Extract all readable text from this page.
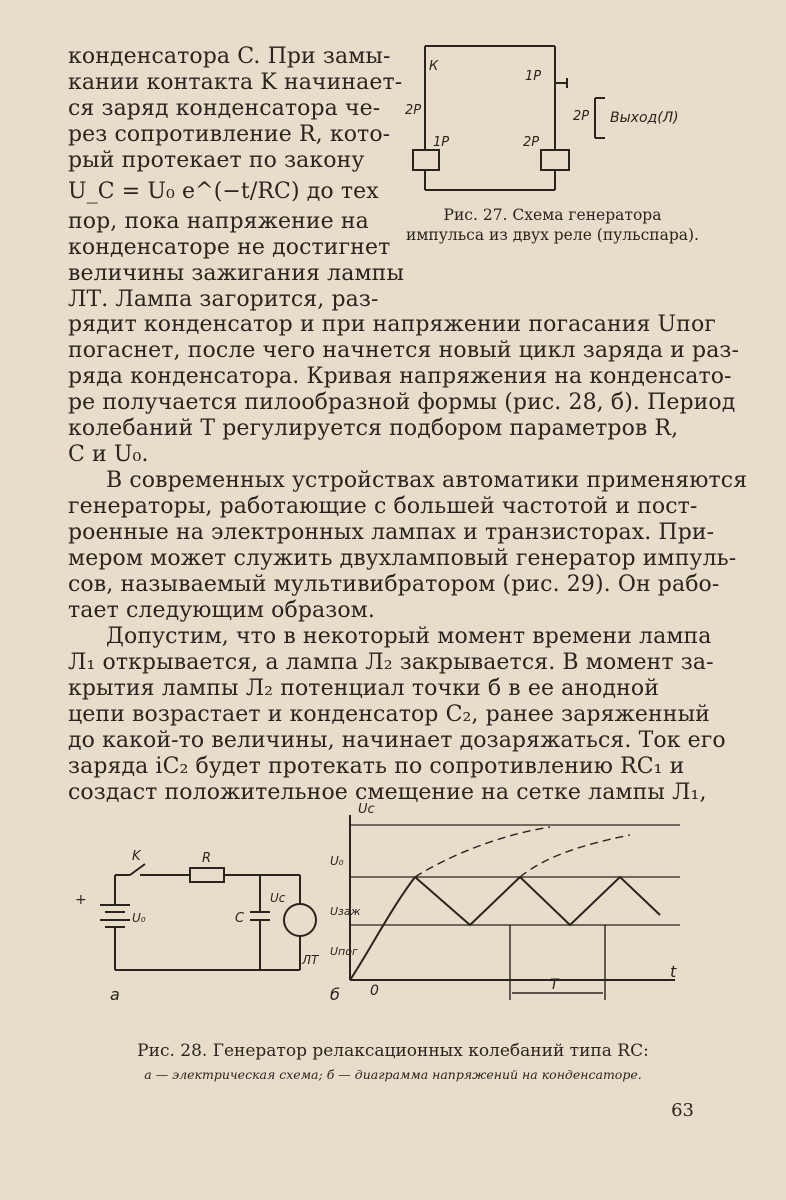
конденсатора C. При замы-
кании контакта K начинает-
ся заряд конденсатора че-
рез сопротивление R, кото-
рый протекает по закону
U_C = U₀ e^(−t/RC) до тех
пор, пока напряжение на
конденсаторе не достигнет
величины зажигания лампы
ЛТ. Лампа загорится, раз-
рядит конденсатор и при напряжении погасания Uпог
погаснет, после чего начнется новый цикл заряда и раз-
ряда конденсатора. Кривая напряжения на конденсато-
ре получается пилообразной формы (рис. 28, б). Период
колебаний T регулируется подбором параметров R,
C и U₀.
В современных устройствах автоматики применяются
генераторы, работающие с большей частотой и пост-
роенные на электронных лампах и транзисторах. При-
мером может служить двухламповый генератор импуль-
сов, называемый мультивибратором (рис. 29). Он рабо-
тает следующим образом.
Допустим, что в некоторый момент времени лампа
Л₁ открывается, а лампа Л₂ закрывается. В момент за-
крытия лампы Л₂ потенциал точки б в ее анодной
цепи возрастает и конденсатор C₂, ранее заряженный
до какой-то величины, начинает дозаряжаться. Ток его
заряда iC₂ будет протекать по сопротивлению RC₁ и
создаст положительное смещение на сетке лампы Л₁,
К
1Р
2Р
1Р	2Р
2Р Выход(Л)
Рис. 27. Схема генератора импульса из двух реле (пульспара).
K	R
+
U₀	C
Uc
ЛТ
а
Uc
U₀
Uзаж
Uпог
б 0
t
T
Рис. 28. Генератор релаксационных колебаний типа RC:
а — электрическая схема; б — диаграмма напряжений на конденсаторе.
63
